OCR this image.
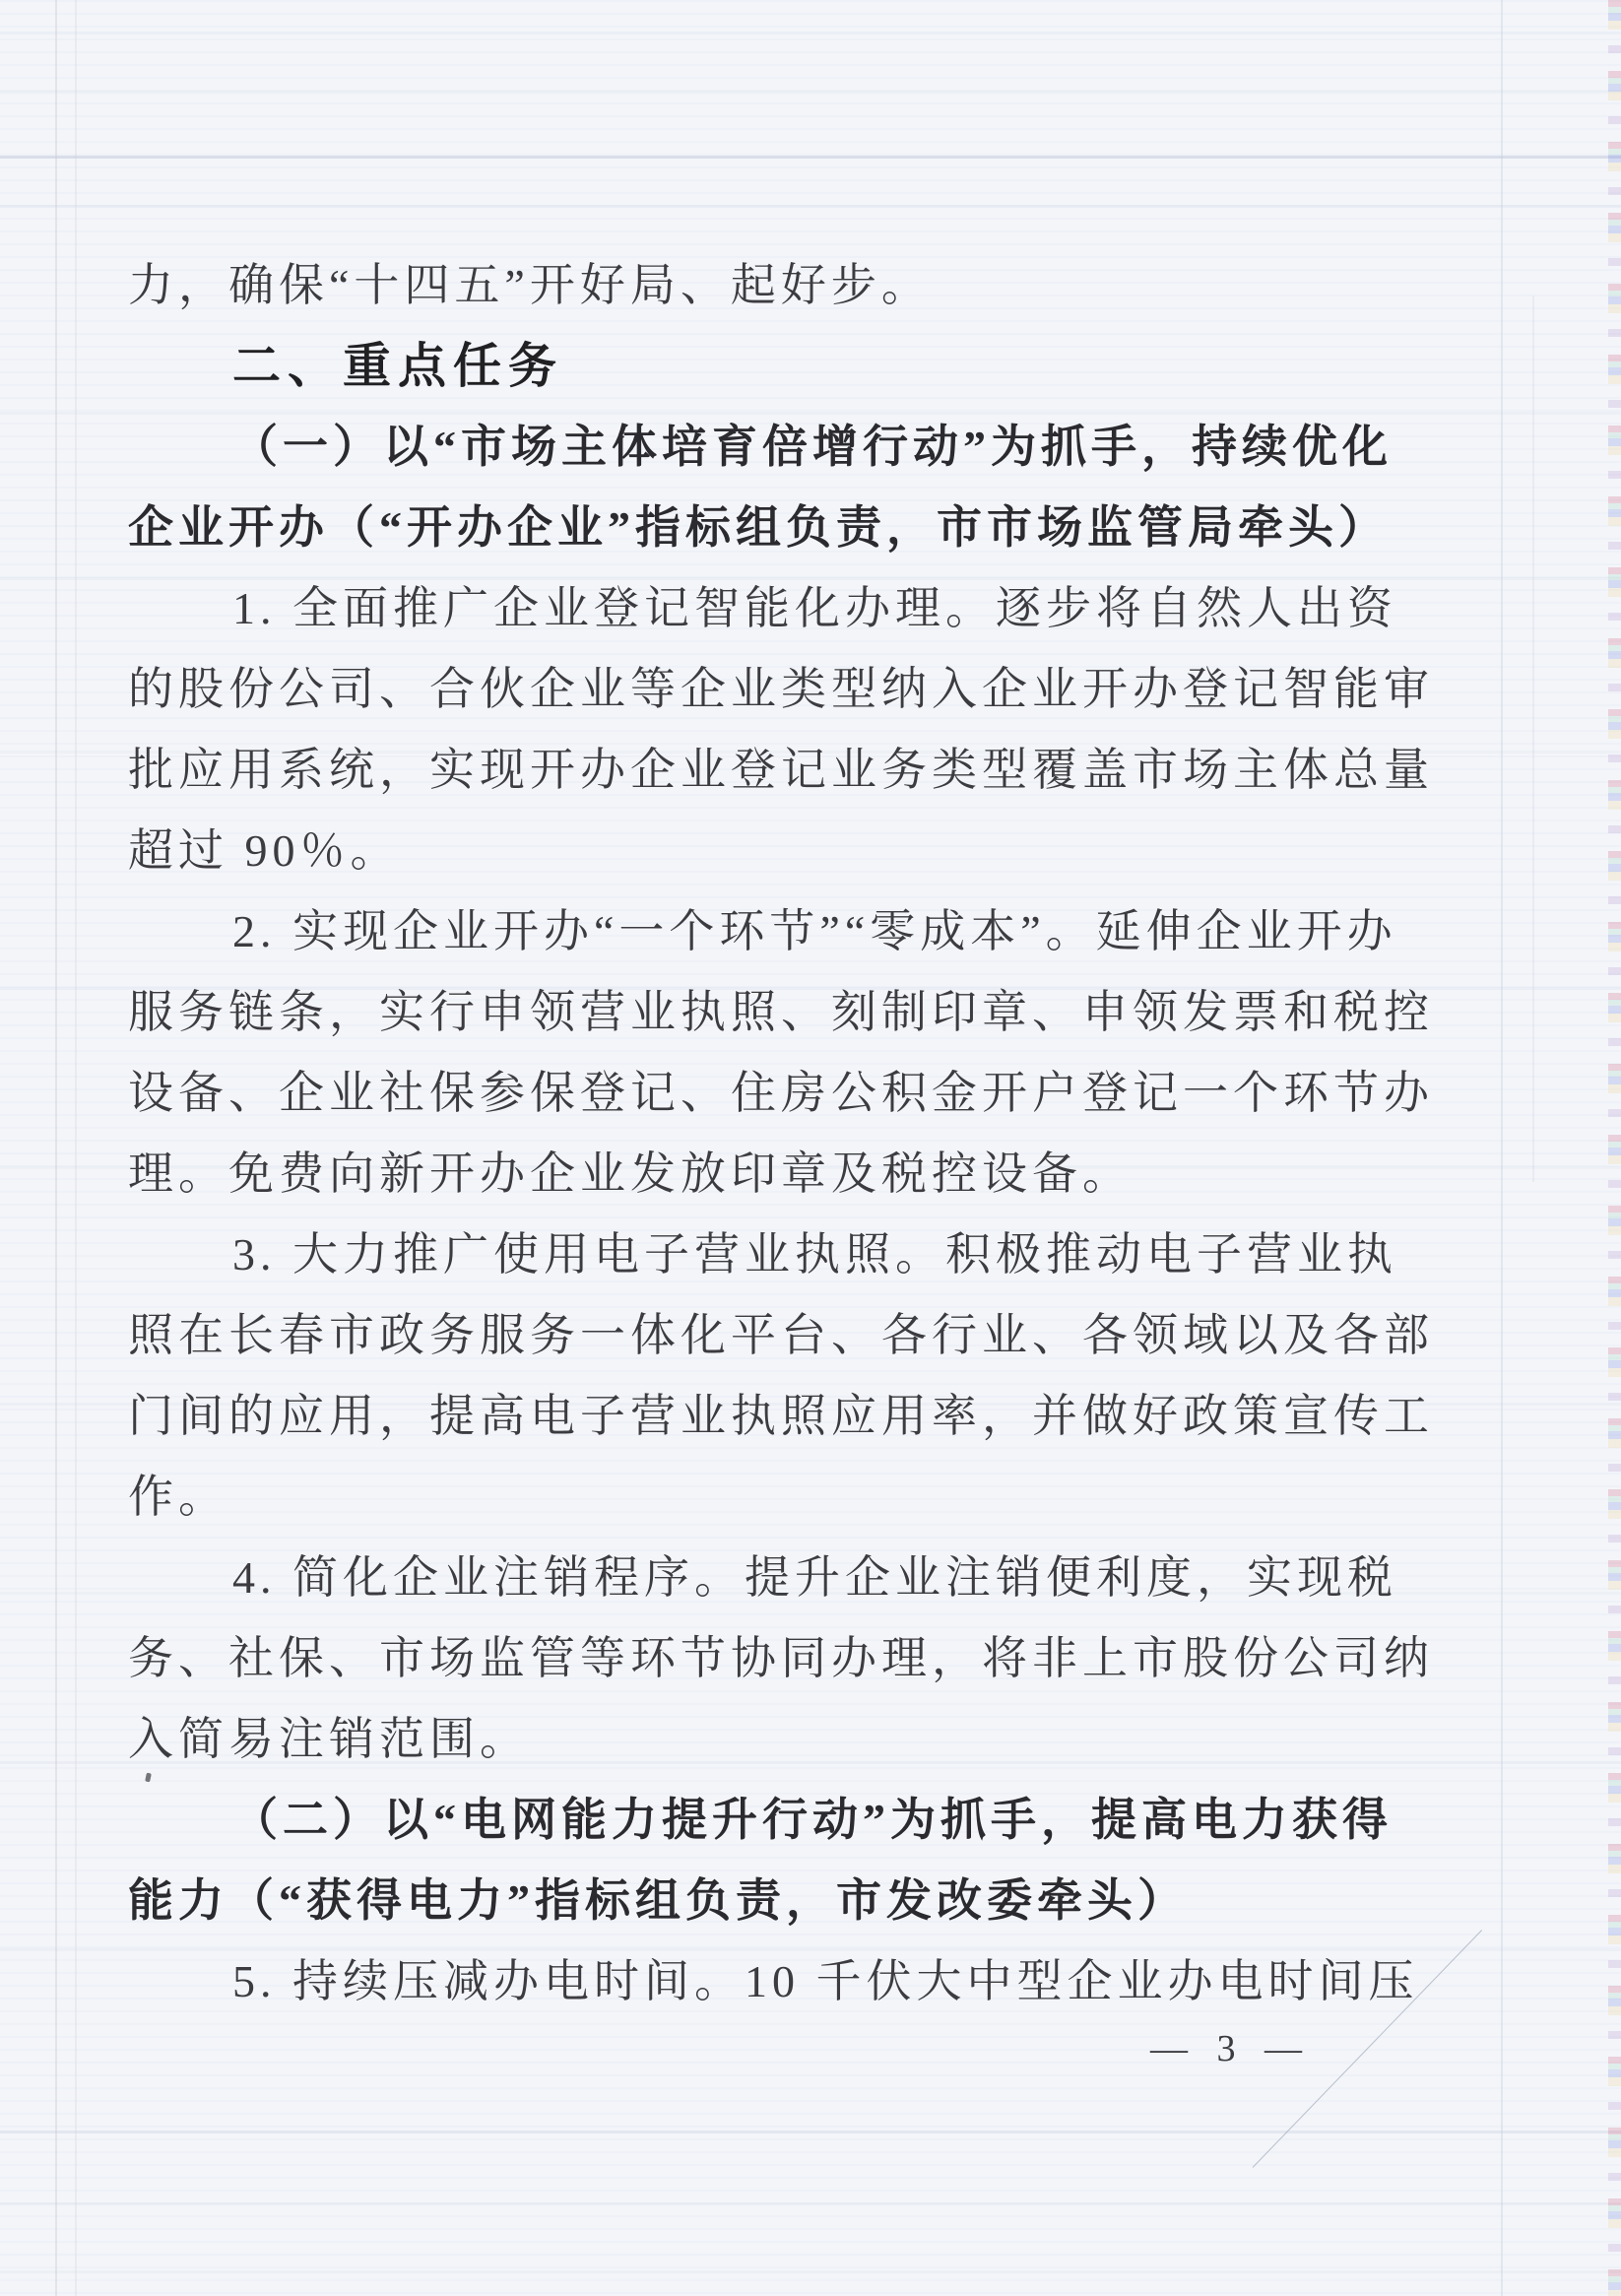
力，确保“十四五”开好局、起好步。
二、重点任务
（一）以“市场主体培育倍增行动”为抓手，持续优化
企业开办（“开办企业”指标组负责，市市场监管局牵头）
1. 全面推广企业登记智能化办理。逐步将自然人出资
的股份公司、合伙企业等企业类型纳入企业开办登记智能审
批应用系统，实现开办企业登记业务类型覆盖市场主体总量
超过 90％。
2. 实现企业开办“一个环节”“零成本”。延伸企业开办
服务链条，实行申领营业执照、刻制印章、申领发票和税控
设备、企业社保参保登记、住房公积金开户登记一个环节办
理。免费向新开办企业发放印章及税控设备。
3. 大力推广使用电子营业执照。积极推动电子营业执
照在长春市政务服务一体化平台、各行业、各领域以及各部
门间的应用，提高电子营业执照应用率，并做好政策宣传工
作。
4. 简化企业注销程序。提升企业注销便利度，实现税
务、社保、市场监管等环节协同办理，将非上市股份公司纳
入简易注销范围。
（二）以“电网能力提升行动”为抓手，提高电力获得
能力（“获得电力”指标组负责，市发改委牵头）
5. 持续压减办电时间。10 千伏大中型企业办电时间压
— 3 —
